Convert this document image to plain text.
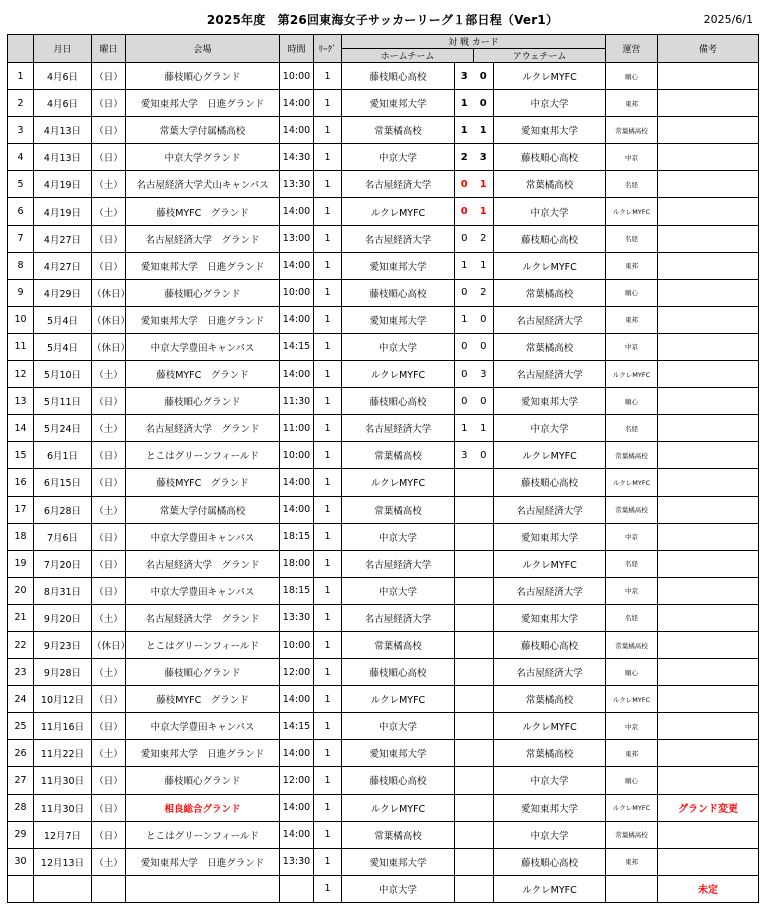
2025年度　第26回東海女子サッカーリーグ１部日程（Ver1）	2025/6/1
	月日	曜日	会場	時間	ﾘｰｸﾞ	対 戦 カード				運営	備考
						ホームチーム		アウェチーム			
1	4月6日	（日）	藤枝順心グランド	10:00	1	藤枝順心高校	3	0	ルクレMYFC	順心	
2	4月6日	（日）	愛知東邦大学　日進グランド	14:00	1	愛知東邦大学	1	0	中京大学	東邦	
3	4月13日	（日）	常葉大学付属橘高校	14:00	1	常葉橘高校	1	1	愛知東邦大学	常葉橘高校	
4	4月13日	（日）	中京大学グランド	14:30	1	中京大学	2	3	藤枝順心高校	中京	
5	4月19日	（土）	名古屋経済大学犬山キャンパス	13:30	1	名古屋経済大学	0	1	常葉橘高校	名経	
6	4月19日	（土）	藤枝MYFC　グランド	14:00	1	ルクレMYFC	0	1	中京大学	ルクレMYFC	
7	4月27日	（日）	名古屋経済大学　グランド	13:00	1	名古屋経済大学	0	2	藤枝順心高校	名経	
8	4月27日	（日）	愛知東邦大学　日進グランド	14:00	1	愛知東邦大学	1	1	ルクレMYFC	東邦	
9	4月29日	（休日）	藤枝順心グランド	10:00	1	藤枝順心高校	0	2	常葉橘高校	順心	
10	5月4日	（休日）	愛知東邦大学　日進グランド	14:00	1	愛知東邦大学	1	0	名古屋経済大学	東邦	
11	5月4日	（休日）	中京大学豊田キャンパス	14:15	1	中京大学	0	0	常葉橘高校	中京	
12	5月10日	（土）	藤枝MYFC　グランド	14:00	1	ルクレMYFC	0	3	名古屋経済大学	ルクレMYFC	
13	5月11日	（日）	藤枝順心グランド	11:30	1	藤枝順心高校	0	0	愛知東邦大学	順心	
14	5月24日	（土）	名古屋経済大学　グランド	11:00	1	名古屋経済大学	1	1	中京大学	名経	
15	6月1日	（日）	とこはグリーンフィールド	10:00	1	常葉橘高校	3	0	ルクレMYFC	常葉橘高校	
16	6月15日	（日）	藤枝MYFC　グランド	14:00	1	ルクレMYFC			藤枝順心高校	ルクレMYFC	
17	6月28日	（土）	常葉大学付属橘高校	14:00	1	常葉橘高校			名古屋経済大学	常葉橘高校	
18	7月6日	（日）	中京大学豊田キャンパス	18:15	1	中京大学			愛知東邦大学	中京	
19	7月20日	（日）	名古屋経済大学　グランド	18:00	1	名古屋経済大学			ルクレMYFC	名経	
20	8月31日	（日）	中京大学豊田キャンパス	18:15	1	中京大学			名古屋経済大学	中京	
21	9月20日	（土）	名古屋経済大学　グランド	13:30	1	名古屋経済大学			愛知東邦大学	名経	
22	9月23日	（休日）	とこはグリーンフィールド	10:00	1	常葉橘高校			藤枝順心高校	常葉橘高校	
23	9月28日	（土）	藤枝順心グランド	12:00	1	藤枝順心高校			名古屋経済大学	順心	
24	10月12日	（日）	藤枝MYFC　グランド	14:00	1	ルクレMYFC			常葉橘高校	ルクレMYFC	
25	11月16日	（日）	中京大学豊田キャンパス	14:15	1	中京大学			ルクレMYFC	中京	
26	11月22日	（土）	愛知東邦大学　日進グランド	14:00	1	愛知東邦大学			常葉橘高校	東邦	
27	11月30日	（日）	藤枝順心グランド	12:00	1	藤枝順心高校			中京大学	順心	
28	11月30日	（日）	相良総合グランド	14:00	1	ルクレMYFC			愛知東邦大学	ルクレMYFC	グランド変更
29	12月7日	（日）	とこはグリーンフィールド	14:00	1	常葉橘高校			中京大学	常葉橘高校	
30	12月13日	（土）	愛知東邦大学　日進グランド	13:30	1	愛知東邦大学			藤枝順心高校	東邦	
					1	中京大学			ルクレMYFC		未定
